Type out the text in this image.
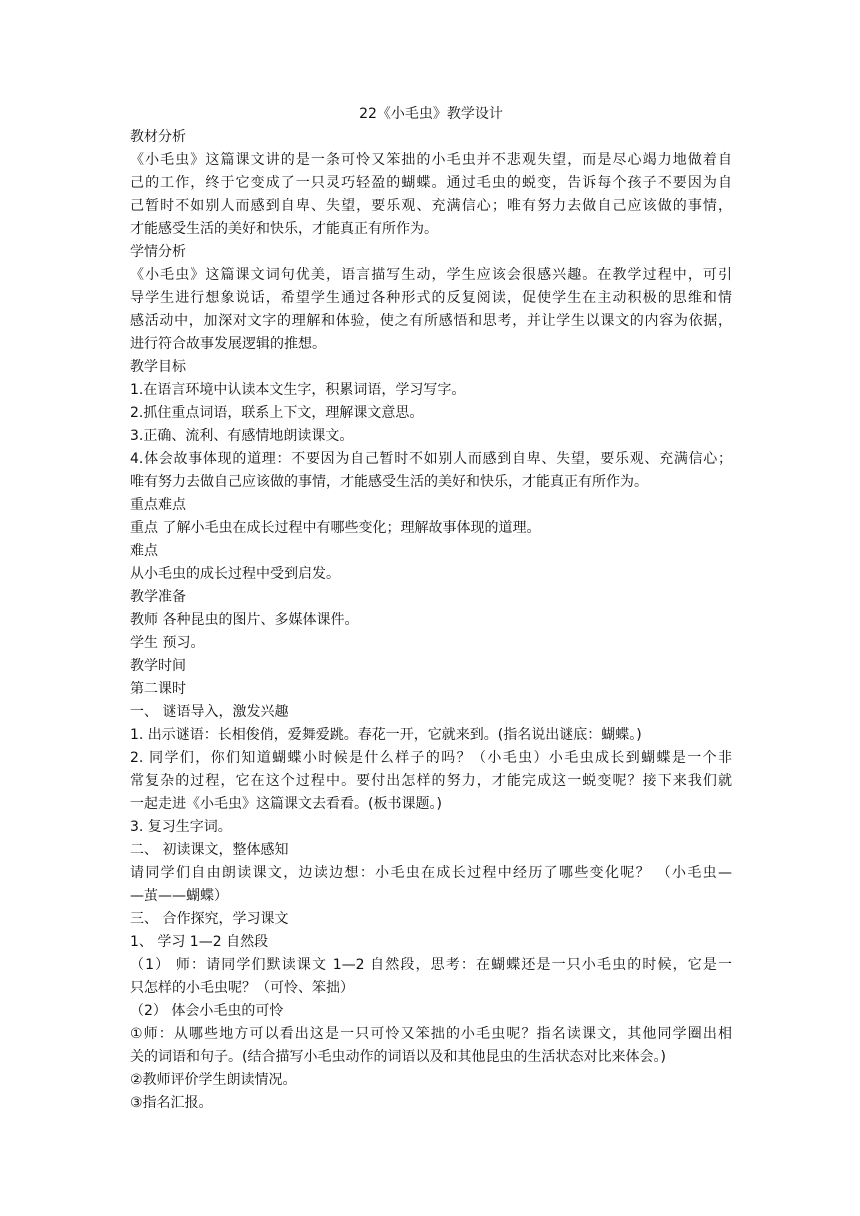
22《小毛虫》教学设计
教材分析
《小毛虫》这篇课文讲的是一条可怜又笨拙的小毛虫并不悲观失望，而是尽心竭力地做着自
己的工作，终于它变成了一只灵巧轻盈的蝴蝶。通过毛虫的蜕变，告诉每个孩子不要因为自
己暂时不如别人而感到自卑、失望，要乐观、充满信心；唯有努力去做自己应该做的事情，
才能感受生活的美好和快乐，才能真正有所作为。
学情分析
《小毛虫》这篇课文词句优美，语言描写生动，学生应该会很感兴趣。在教学过程中，可引
导学生进行想象说话，希望学生通过各种形式的反复阅读，促使学生在主动积极的思维和情
感活动中，加深对文字的理解和体验，使之有所感悟和思考，并让学生以课文的内容为依据，
进行符合故事发展逻辑的推想。
教学目标
1.在语言环境中认读本文生字，积累词语，学习写字。
2.抓住重点词语，联系上下文，理解课文意思。
3.正确、流利、有感情地朗读课文。
4.体会故事体现的道理：不要因为自己暂时不如别人而感到自卑、失望，要乐观、充满信心；
唯有努力去做自己应该做的事情，才能感受生活的美好和快乐，才能真正有所作为。
重点难点
重点 了解小毛虫在成长过程中有哪些变化；理解故事体现的道理。
难点
从小毛虫的成长过程中受到启发。
教学准备
教师 各种昆虫的图片、多媒体课件。
学生 预习。
教学时间
第二课时
一、 谜语导入，激发兴趣
1. 出示谜语：长相俊俏，爱舞爱跳。春花一开，它就来到。(指名说出谜底：蝴蝶。)
2. 同学们，你们知道蝴蝶小时候是什么样子的吗？（小毛虫）小毛虫成长到蝴蝶是一个非
常复杂的过程，它在这个过程中。要付出怎样的努力，才能完成这一蜕变呢？接下来我们就
一起走进《小毛虫》这篇课文去看看。(板书课题。)
3. 复习生字词。
二、 初读课文，整体感知
请同学们自由朗读课文，边读边想：小毛虫在成长过程中经历了哪些变化呢？ （小毛虫—
—茧——蝴蝶）
三、 合作探究，学习课文
1、 学习 1—2 自然段
（1） 师：请同学们默读课文 1—2 自然段，思考：在蝴蝶还是一只小毛虫的时候，它是一
只怎样的小毛虫呢？（可怜、笨拙）
（2） 体会小毛虫的可怜
①师：从哪些地方可以看出这是一只可怜又笨拙的小毛虫呢？指名读课文，其他同学圈出相
关的词语和句子。(结合描写小毛虫动作的词语以及和其他昆虫的生活状态对比来体会。)
②教师评价学生朗读情况。
③指名汇报。
